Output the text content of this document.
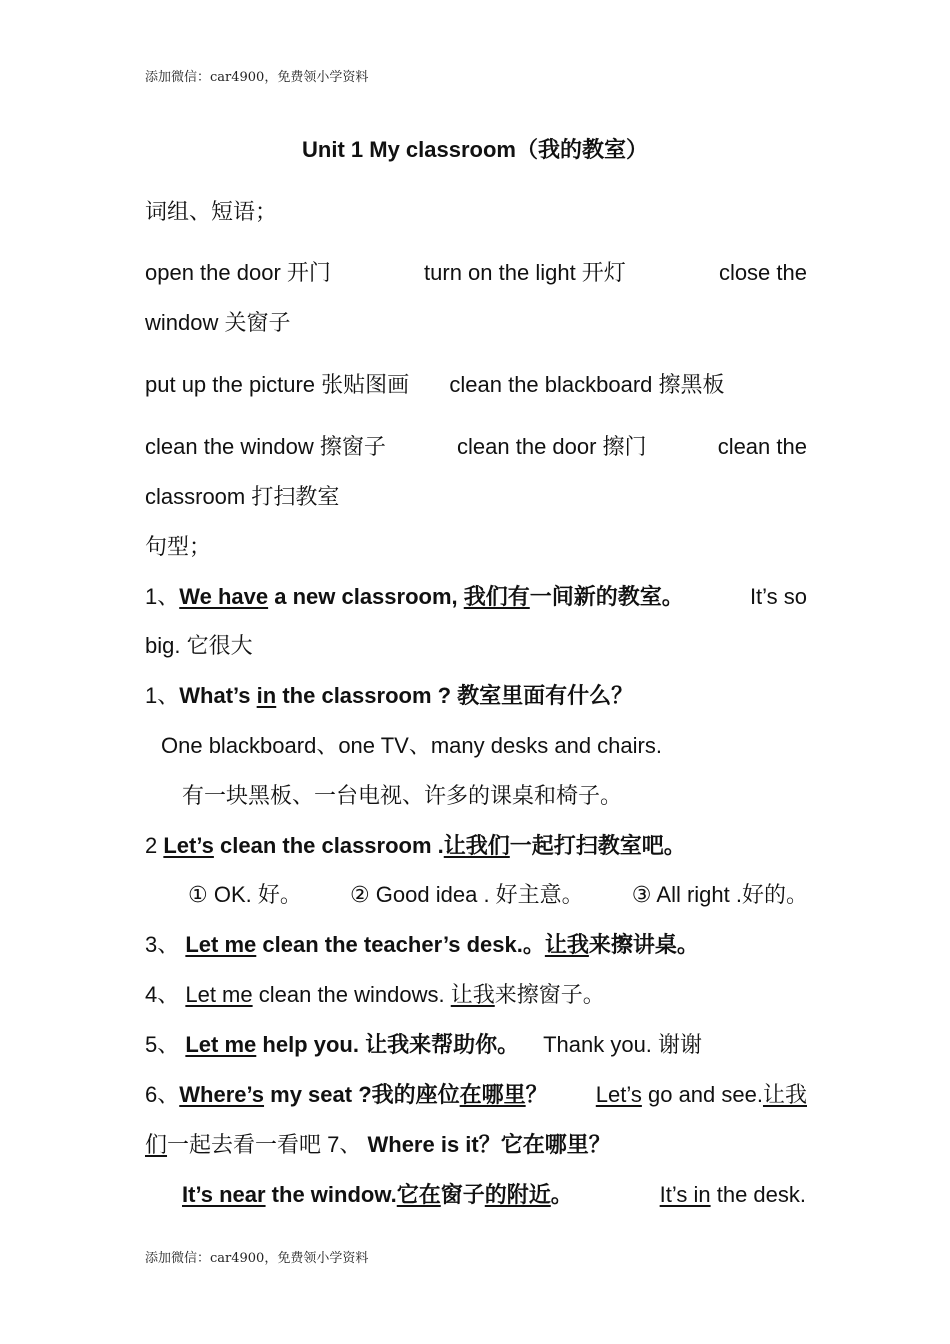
添加微信：car4900，免费领小学资料
Unit 1 My classroom（我的教室）
词组、短语；
open the door 开门	turn on the light 开灯	close the
window 关窗子
put up the picture 张贴图画 clean the blackboard 擦黑板
clean the window 擦窗子	clean the door 擦门	clean the
classroom 打扫教室
句型；
1、We have a new classroom, 我们有一间新的教室。	It’s so
big. 它很大
1、What’s in the classroom ? 教室里面有什么？
One blackboard、one TV、many desks and chairs.
有一块黑板、一台电视、许多的课桌和椅子。
2 Let’s clean the classroom .让我们一起打扫教室吧。
① OK. 好。 ② Good idea . 好主意。 ③ All right .好的。
3、 Let me clean the teacher’s desk.。让我来擦讲桌。
4、 Let me clean the windows. 让我来擦窗子。
5、 Let me help you. 让我来帮助你。 Thank you. 谢谢
6、Where’s my seat ?我的座位在哪里？ Let’s go and see.让我
们一起去看一看吧 7、 Where is it？它在哪里？
It’s near the window.它在窗子的附近。	It’s in the desk.
添加微信：car4900，免费领小学资料
